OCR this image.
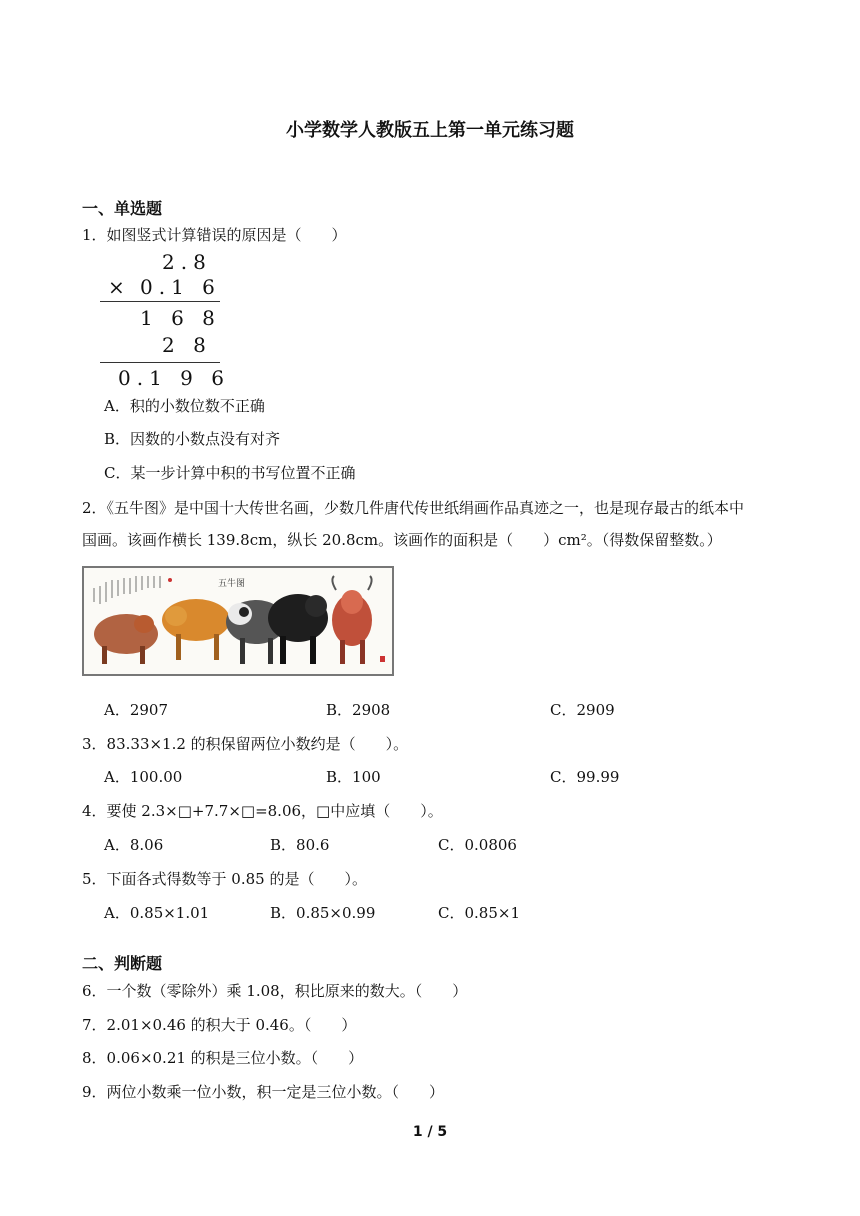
小学数学人教版五上第一单元练习题
一、单选题
1．如图竖式计算错误的原因是（　　）
2.8
× 0.1 6
1 6 8
2 8
0.1 9 6
A．积的小数位数不正确
B．因数的小数点没有对齐
C．某一步计算中积的书写位置不正确
2．《五牛图》是中国十大传世名画，少数几件唐代传世纸绢画作品真迹之一，也是现存最古的纸本中
国画。该画作横长 139.8cm，纵长 20.8cm。该画作的面积是（　　）cm²。（得数保留整数。）
五牛图
A．2907	B．2908	C．2909
3．83.33×1.2 的积保留两位小数约是（　　）。
A．100.00	B．100	C．99.99
4．要使 2.3×□+7.7×□=8.06，□中应填（　　）。
A．8.06	B．80.6	C．0.0806
5．下面各式得数等于 0.85 的是（　　）。
A．0.85×1.01	B．0.85×0.99	C．0.85×1
二、判断题
6．一个数（零除外）乘 1.08，积比原来的数大。（　　）
7．2.01×0.46 的积大于 0.46。（　　）
8．0.06×0.21 的积是三位小数。（　　）
9．两位小数乘一位小数，积一定是三位小数。（　　）
1 / 5
